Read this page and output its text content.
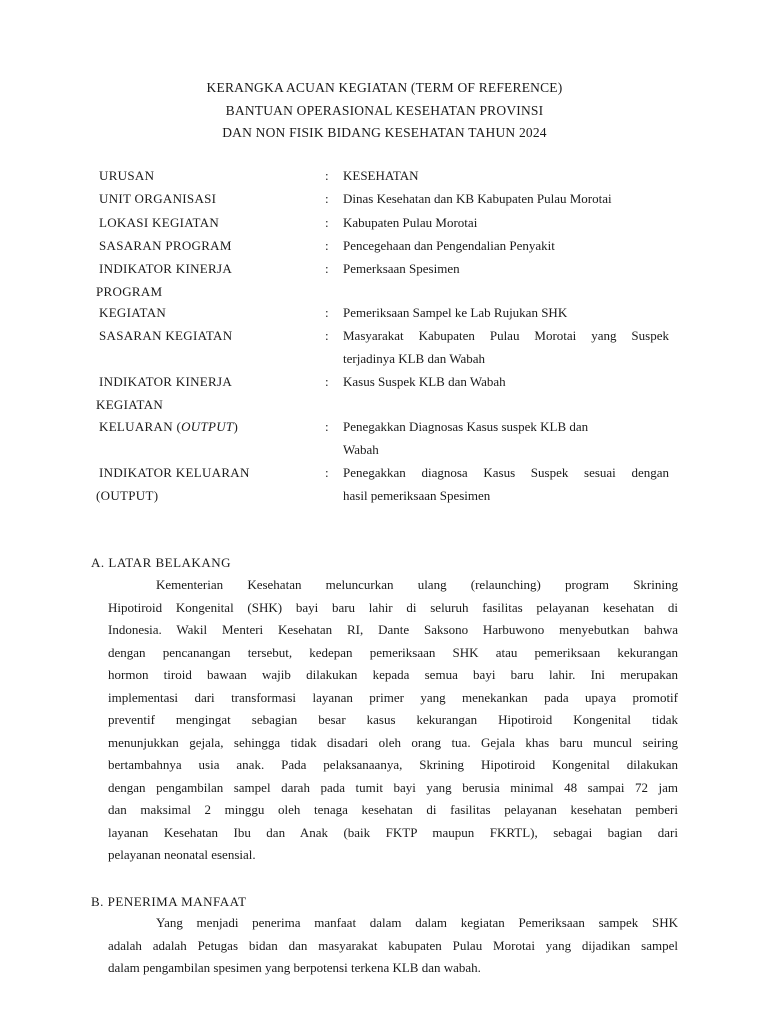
KERANGKA ACUAN KEGIATAN (TERM OF REFERENCE)
BANTUAN OPERASIONAL KESEHATAN PROVINSI
DAN NON FISIK BIDANG KESEHATAN TAHUN 2024
URUSAN	: KESEHATAN
UNIT ORGANISASI	: Dinas Kesehatan dan KB Kabupaten Pulau Morotai
LOKASI KEGIATAN	: Kabupaten Pulau Morotai
SASARAN PROGRAM	: Pencegehaan dan Pengendalian Penyakit
INDIKATOR KINERJA
PROGRAM
: Pemerksaan Spesimen
KEGIATAN	: Pemeriksaan Sampel ke Lab Rujukan SHK
SASARAN KEGIATAN	: Masyarakat Kabupaten Pulau Morotai yang Suspek
terjadinya KLB dan Wabah
INDIKATOR KINERJA
KEGIATAN
: Kasus Suspek KLB dan Wabah
KELUARAN (OUTPUT)	: Penegakkan Diagnosas Kasus suspek KLB dan
Wabah
INDIKATOR KELUARAN
(OUTPUT)
: Penegakkan diagnosa Kasus Suspek sesuai dengan
hasil pemeriksaan Spesimen
A. LATAR BELAKANG
Kementerian Kesehatan meluncurkan ulang (relaunching) program Skrining
Hipotiroid Kongenital (SHK) bayi baru lahir di seluruh fasilitas pelayanan kesehatan di
Indonesia. Wakil Menteri Kesehatan RI, Dante Saksono Harbuwono menyebutkan bahwa
dengan pencanangan tersebut, kedepan pemeriksaan SHK atau pemeriksaan kekurangan
hormon tiroid bawaan wajib dilakukan kepada semua bayi baru lahir. Ini merupakan
implementasi dari transformasi layanan primer yang menekankan pada upaya promotif
preventif mengingat sebagian besar kasus kekurangan Hipotiroid Kongenital tidak
menunjukkan gejala, sehingga tidak disadari oleh orang tua. Gejala khas baru muncul seiring
bertambahnya usia anak. Pada pelaksanaanya, Skrining Hipotiroid Kongenital dilakukan
dengan pengambilan sampel darah pada tumit bayi yang berusia minimal 48 sampai 72 jam
dan maksimal 2 minggu oleh tenaga kesehatan di fasilitas pelayanan kesehatan pemberi
layanan Kesehatan Ibu dan Anak (baik FKTP maupun FKRTL), sebagai bagian dari
pelayanan neonatal esensial.
B. PENERIMA MANFAAT
Yang menjadi penerima manfaat dalam dalam kegiatan Pemeriksaan sampek SHK
adalah adalah Petugas bidan dan masyarakat kabupaten Pulau Morotai yang dijadikan sampel
dalam pengambilan spesimen yang berpotensi terkena KLB dan wabah.
